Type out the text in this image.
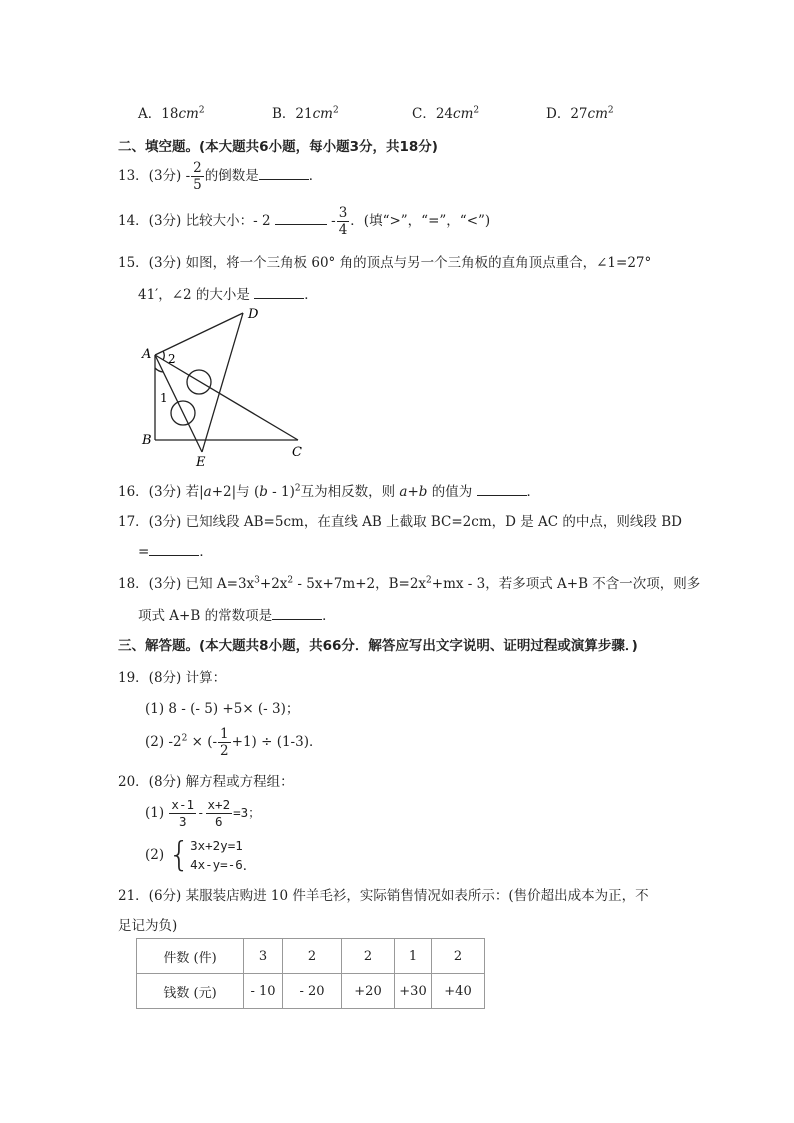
A．$18cm^2$	B．$21cm^2$	C．$24cm^2$	D．$27cm^2$
二、填空题。(本大题共6小题，每小题3分，共18分)
13．(3分) - $\frac{2}{5}$ 的倒数是	．
14．(3分) 比较大小：- 2	- $\frac{3}{4}$ ．(填“>”，“=”，“<”)
15．(3分) 如图，将一个三角板 60° 角的顶点与另一个三角板的直角顶点重合，∠1=27°
41′，∠2 的大小是	．
A
B
C
D
E
1
2
16．(3分) 若|a+2|与 (b - 1)$^2$互为相反数，则 a+b 的值为	．
17．(3分) 已知线段 AB=5cm，在直线 AB 上截取 BC=2cm，D 是 AC 的中点，则线段 BD
=	．
18．(3分) 已知 $A=3x^3+2x^2 - 5x+7m+2$，$B=2x^2+mx - 3$，若多项式 A+B 不含一次项，则多
项式 A+B 的常数项是	．
三、解答题。(本大题共8小题，共66分．解答应写出文字说明、证明过程或演算步骤．)
19．(8分) 计算：
(1) 8 - (- 5) +5× (- 3)；
(2) $-2^2$ × (- $\frac{1}{2} +1) \div (1-3)$．
20．(8分) 解方程或方程组：
$(1) \frac{x-1}{3} - \frac{x+2}{6} =3$；
(2) { 3x+2y=1
4x-y=-6 ．
21．(6分) 某服装店购进 10 件羊毛衫，实际销售情况如表所示：(售价超出成本为正，不
足记为负)
件数 (件)	3	2	2	1	2
钱数 (元)	- 10	- 20	+20	+30	+40
